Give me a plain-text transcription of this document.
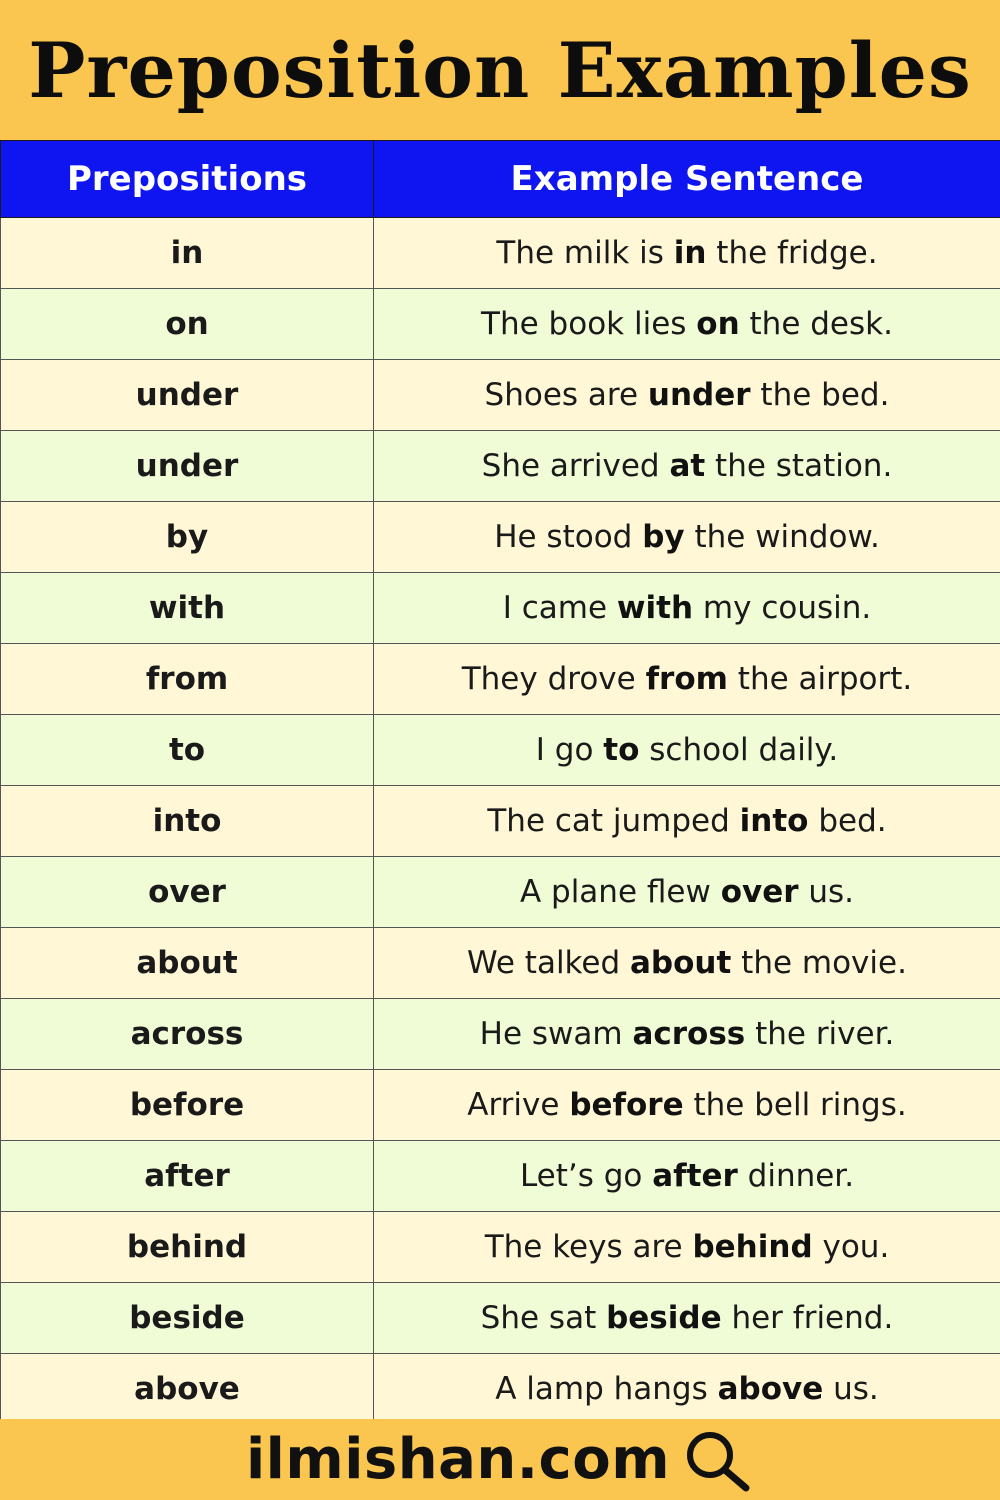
Preposition Examples
Prepositions	Example Sentence
in	The milk is in the fridge.
on	The book lies on the desk.
under	Shoes are under the bed.
under	She arrived at the station.
by	He stood by the window.
with	I came with my cousin.
from	They drove from the airport.
to	I go to school daily.
into	The cat jumped into bed.
over	A plane flew over us.
about	We talked about the movie.
across	He swam across the river.
before	Arrive before the bell rings.
after	Let’s go after dinner.
behind	The keys are behind you.
beside	She sat beside her friend.
above	A lamp hangs above us.
ilmishan.com
